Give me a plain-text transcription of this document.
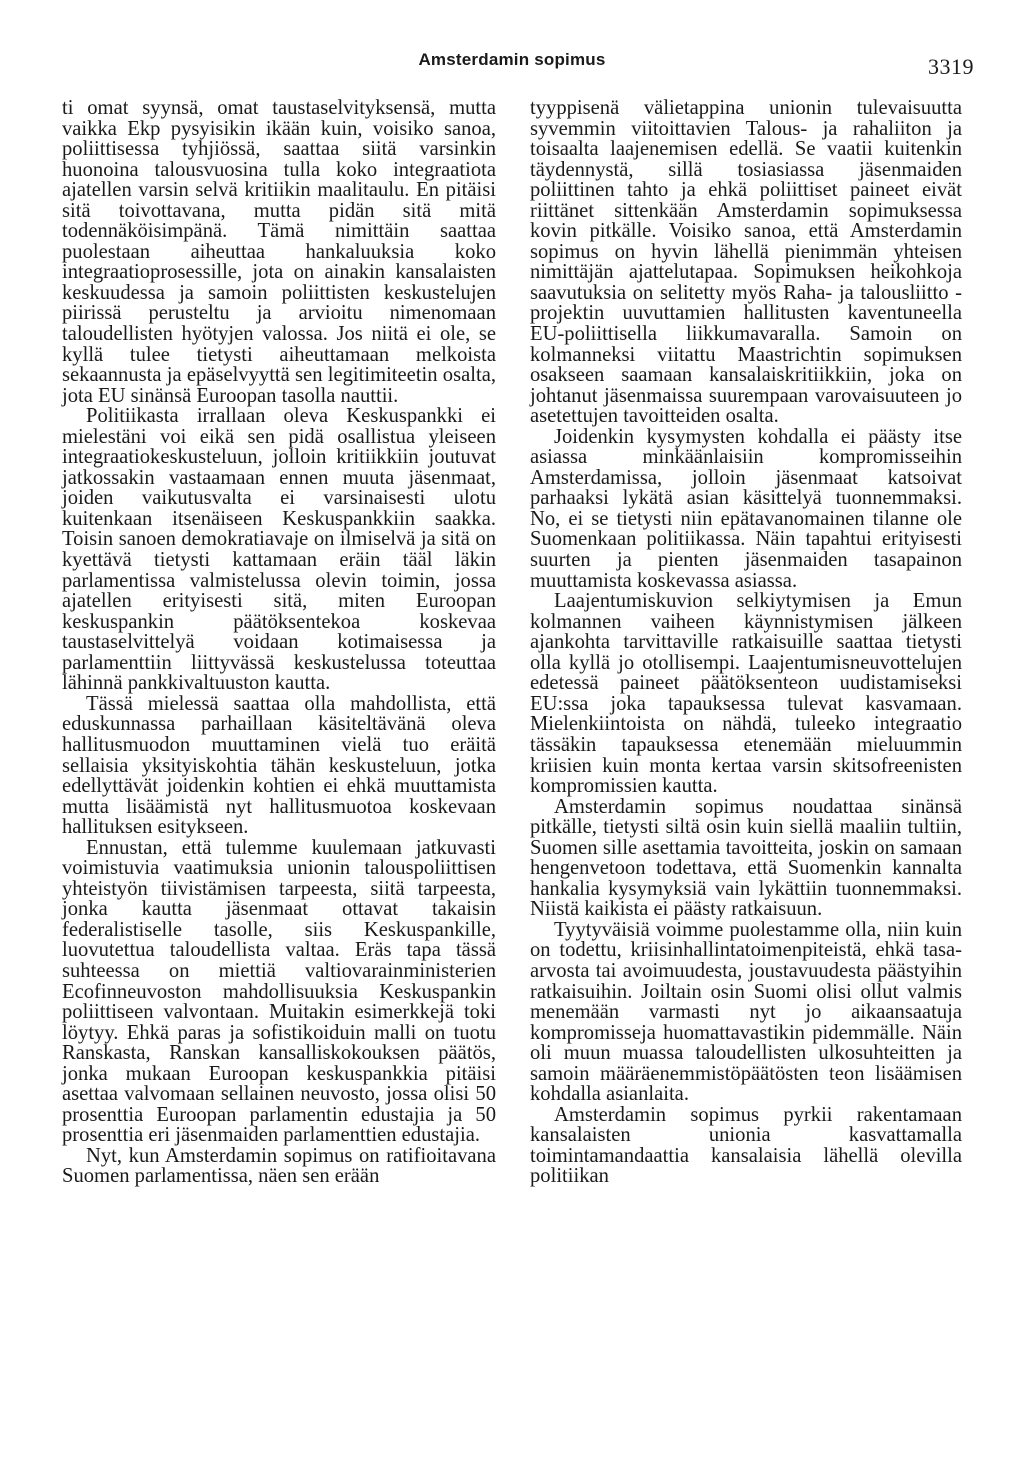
Amsterdamin sopimus	3319

ti omat syynsä, omat taustaselvityksensä, mutta vaikka Ekp pysyisikin ikään kuin, voisiko sanoa, poliittisessa tyhjiössä, saattaa siitä varsinkin huonoina talousvuosina tulla koko integraatiota ajatellen varsin selvä kritiikin maalitaulu. En pitäisi sitä toivottavana, mutta pidän sitä mitä todennäköisimpänä. Tämä nimittäin saattaa puolestaan aiheuttaa hankaluuksia koko integraatioprosessille, jota on ainakin kansalaisten keskuudessa ja samoin poliittisten keskustelujen piirissä perusteltu ja arvioitu nimenomaan taloudellisten hyötyjen valossa. Jos niitä ei ole, se kyllä tulee tietysti aiheuttamaan melkoista sekaannusta ja epäselvyyttä sen legitimiteetin osalta, jota EU sinänsä Euroopan tasolla nauttii.

Politiikasta irrallaan oleva Keskuspankki ei mielestäni voi eikä sen pidä osallistua yleiseen integraatiokeskusteluun, jolloin kritiikkiin joutuvat jatkossakin vastaamaan ennen muuta jäsenmaat, joiden vaikutusvalta ei varsinaisesti ulotu kuitenkaan itsenäiseen Keskuspankkiin saakka. Toisin sanoen demokratiavaje on ilmiselvä ja sitä on kyettävä tietysti kattamaan eräin tääl läkin parlamentissa valmistelussa olevin toimin, jossa ajatellen erityisesti sitä, miten Euroopan keskuspankin päätöksentekoa koskevaa taustaselvittelyä voidaan kotimaisessa ja parlamenttiin liittyvässä keskustelussa toteuttaa lähinnä pankkivaltuuston kautta.

Tässä mielessä saattaa olla mahdollista, että eduskunnassa parhaillaan käsiteltävänä oleva hallitusmuodon muuttaminen vielä tuo eräitä sellaisia yksityiskohtia tähän keskusteluun, jotka edellyttävät joidenkin kohtien ei ehkä muuttamista mutta lisäämistä nyt hallitusmuotoa koskevaan hallituksen esitykseen.

Ennustan, että tulemme kuulemaan jatkuvasti voimistuvia vaatimuksia unionin talouspoliittisen yhteistyön tiivistämisen tarpeesta, siitä tarpeesta, jonka kautta jäsenmaat ottavat takaisin federalistiselle tasolle, siis Keskuspankille, luovutettua taloudellista valtaa. Eräs tapa tässä suhteessa on miettiä valtiovarainministerien Ecofinneuvoston mahdollisuuksia Keskuspankin poliittiseen valvontaan. Muitakin esimerkkejä toki löytyy. Ehkä paras ja sofistikoiduin malli on tuotu Ranskasta, Ranskan kansalliskokouksen päätös, jonka mukaan Euroopan keskuspankkia pitäisi asettaa valvomaan sellainen neuvosto, jossa olisi 50 prosenttia Euroopan parlamentin edustajia ja 50 prosenttia eri jäsenmaiden parlamenttien edustajia.

Nyt, kun Amsterdamin sopimus on ratifioitavana Suomen parlamentissa, näen sen erään

tyyppisenä välietappina unionin tulevaisuutta syvemmin viitoittavien Talous- ja rahaliiton ja toisaalta laajenemisen edellä. Se vaatii kuitenkin täydennystä, sillä tosiasiassa jäsenmaiden poliittinen tahto ja ehkä poliittiset paineet eivät riittänet sittenkään Amsterdamin sopimuksessa kovin pitkälle. Voisiko sanoa, että Amsterdamin sopimus on hyvin lähellä pienimmän yhteisen nimittäjän ajattelutapaa. Sopimuksen heikohkoja saavutuksia on selitetty myös Raha- ja talousliitto -projektin uuvuttamien hallitusten kaventuneella EU-poliittisella liikkumavaralla. Samoin on kolmanneksi viitattu Maastrichtin sopimuksen osakseen saamaan kansalaiskritiikkiin, joka on johtanut jäsenmaissa suurempaan varovaisuuteen jo asetettujen tavoitteiden osalta.

Joidenkin kysymysten kohdalla ei päästy itse asiassa minkäänlaisiin kompromisseihin Amsterdamissa, jolloin jäsenmaat katsoivat parhaaksi lykätä asian käsittelyä tuonnemmaksi. No, ei se tietysti niin epätavanomainen tilanne ole Suomenkaan politiikassa. Näin tapahtui erityisesti suurten ja pienten jäsenmaiden tasapainon muuttamista koskevassa asiassa.

Laajentumiskuvion selkiytymisen ja Emun kolmannen vaiheen käynnistymisen jälkeen ajankohta tarvittaville ratkaisuille saattaa tietysti olla kyllä jo otollisempi. Laajentumisneuvottelujen edetessä paineet päätöksenteon uudistamiseksi EU:ssa joka tapauksessa tulevat kasvamaan. Mielenkiintoista on nähdä, tuleeko integraatio tässäkin tapauksessa etenemään mieluummin kriisien kuin monta kertaa varsin skitsofreenisten kompromissien kautta.

Amsterdamin sopimus noudattaa sinänsä pitkälle, tietysti siltä osin kuin siellä maaliin tultiin, Suomen sille asettamia tavoitteita, joskin on samaan hengenvetoon todettava, että Suomenkin kannalta hankalia kysymyksiä vain lykättiin tuonnemmaksi. Niistä kaikista ei päästy ratkaisuun.

Tyytyväisiä voimme puolestamme olla, niin kuin on todettu, kriisinhallintatoimenpiteistä, ehkä tasa-arvosta tai avoimuudesta, joustavuudesta päästyihin ratkaisuihin. Joiltain osin Suomi olisi ollut valmis menemään varmasti nyt jo aikaansaatuja kompromisseja huomattavastikin pidemmälle. Näin oli muun muassa taloudellisten ulkosuhteitten ja samoin määräenemmistöpäätösten teon lisäämisen kohdalla asianlaita.

Amsterdamin sopimus pyrkii rakentamaan kansalaisten unionia kasvattamalla toimintamandaattia kansalaisia lähellä olevilla politiikan
